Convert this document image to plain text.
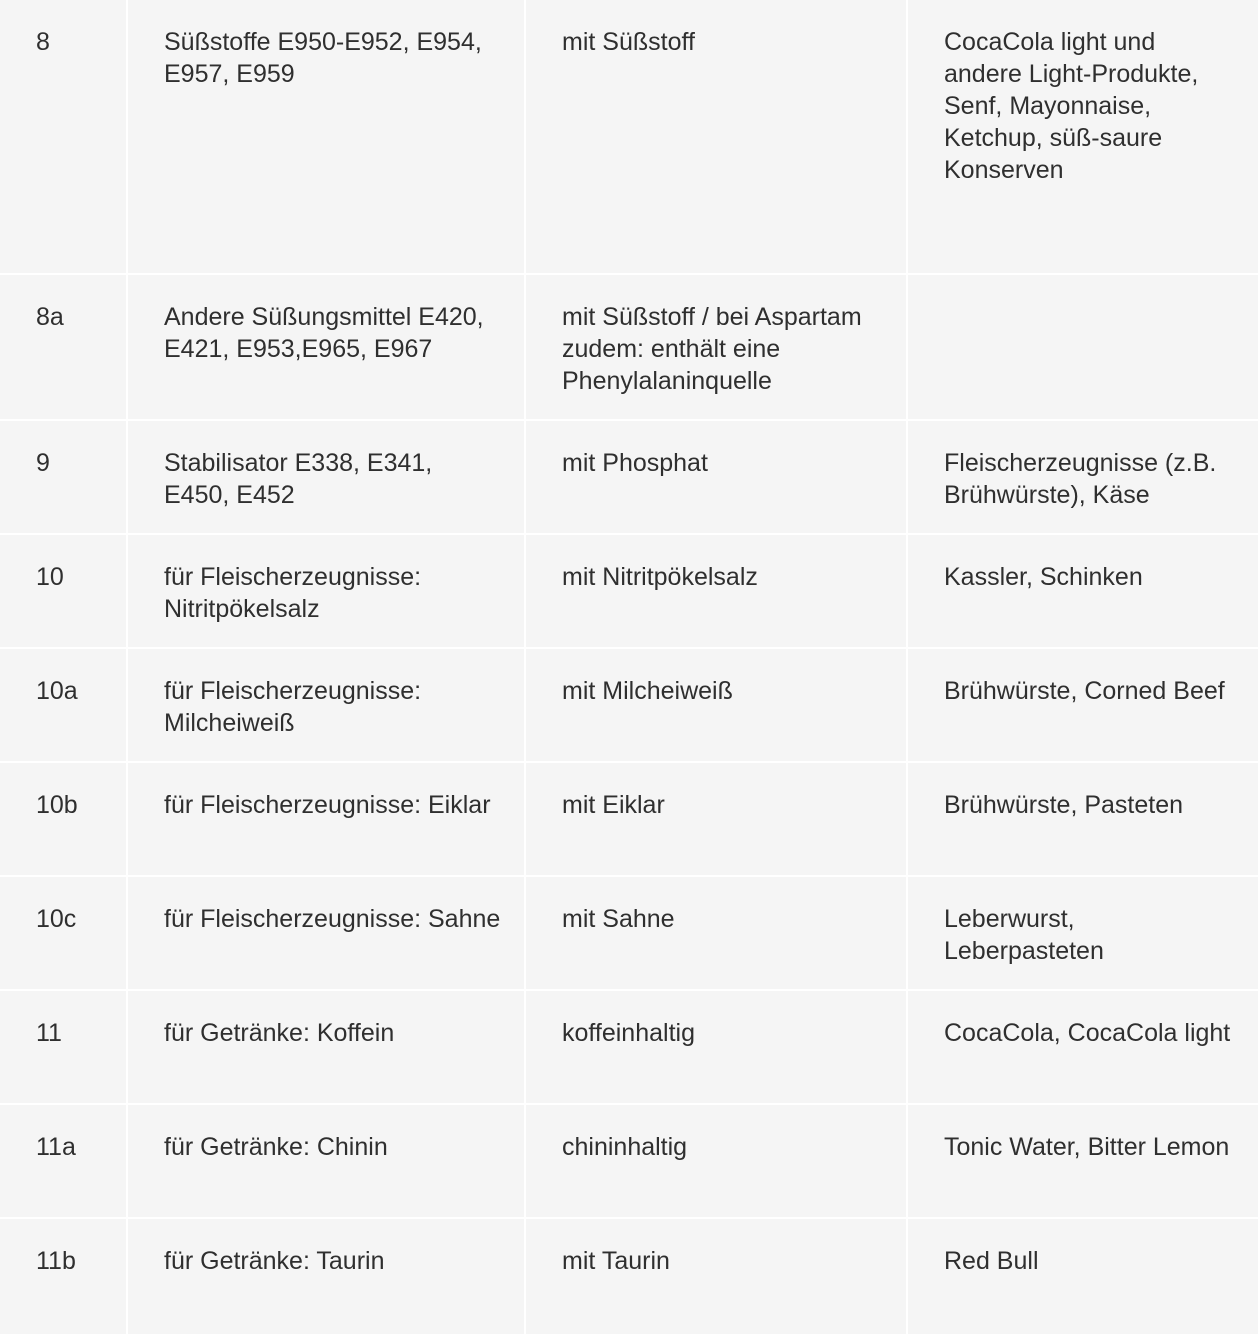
8	Süßstoffe E950-E952, E954, E957, E959	mit Süßstoff	CocaCola light und andere Light-Produkte, Senf, Mayonnaise, Ketchup, süß-saure Konserven
8a	Andere Süßungsmittel E420, E421, E953,E965, E967	mit Süßstoff / bei Aspartam zudem: enthält eine Phenylalaninquelle	
9	Stabilisator E338, E341, E450, E452	mit Phosphat	Fleischerzeugnisse (z.B. Brühwürste), Käse
10	für Fleischerzeugnisse: Nitritpökelsalz	mit Nitritpökelsalz	Kassler, Schinken
10a	für Fleischerzeugnisse: Milcheiweiß	mit Milcheiweiß	Brühwürste, Corned Beef
10b	für Fleischerzeugnisse: Eiklar	mit Eiklar	Brühwürste, Pasteten
10c	für Fleischerzeugnisse: Sahne	mit Sahne	Leberwurst, Leberpasteten
11	für Getränke: Koffein	koffeinhaltig	CocaCola, CocaCola light
11a	für Getränke: Chinin	chininhaltig	Tonic Water, Bitter Lemon
11b	für Getränke: Taurin	mit Taurin	Red Bull
